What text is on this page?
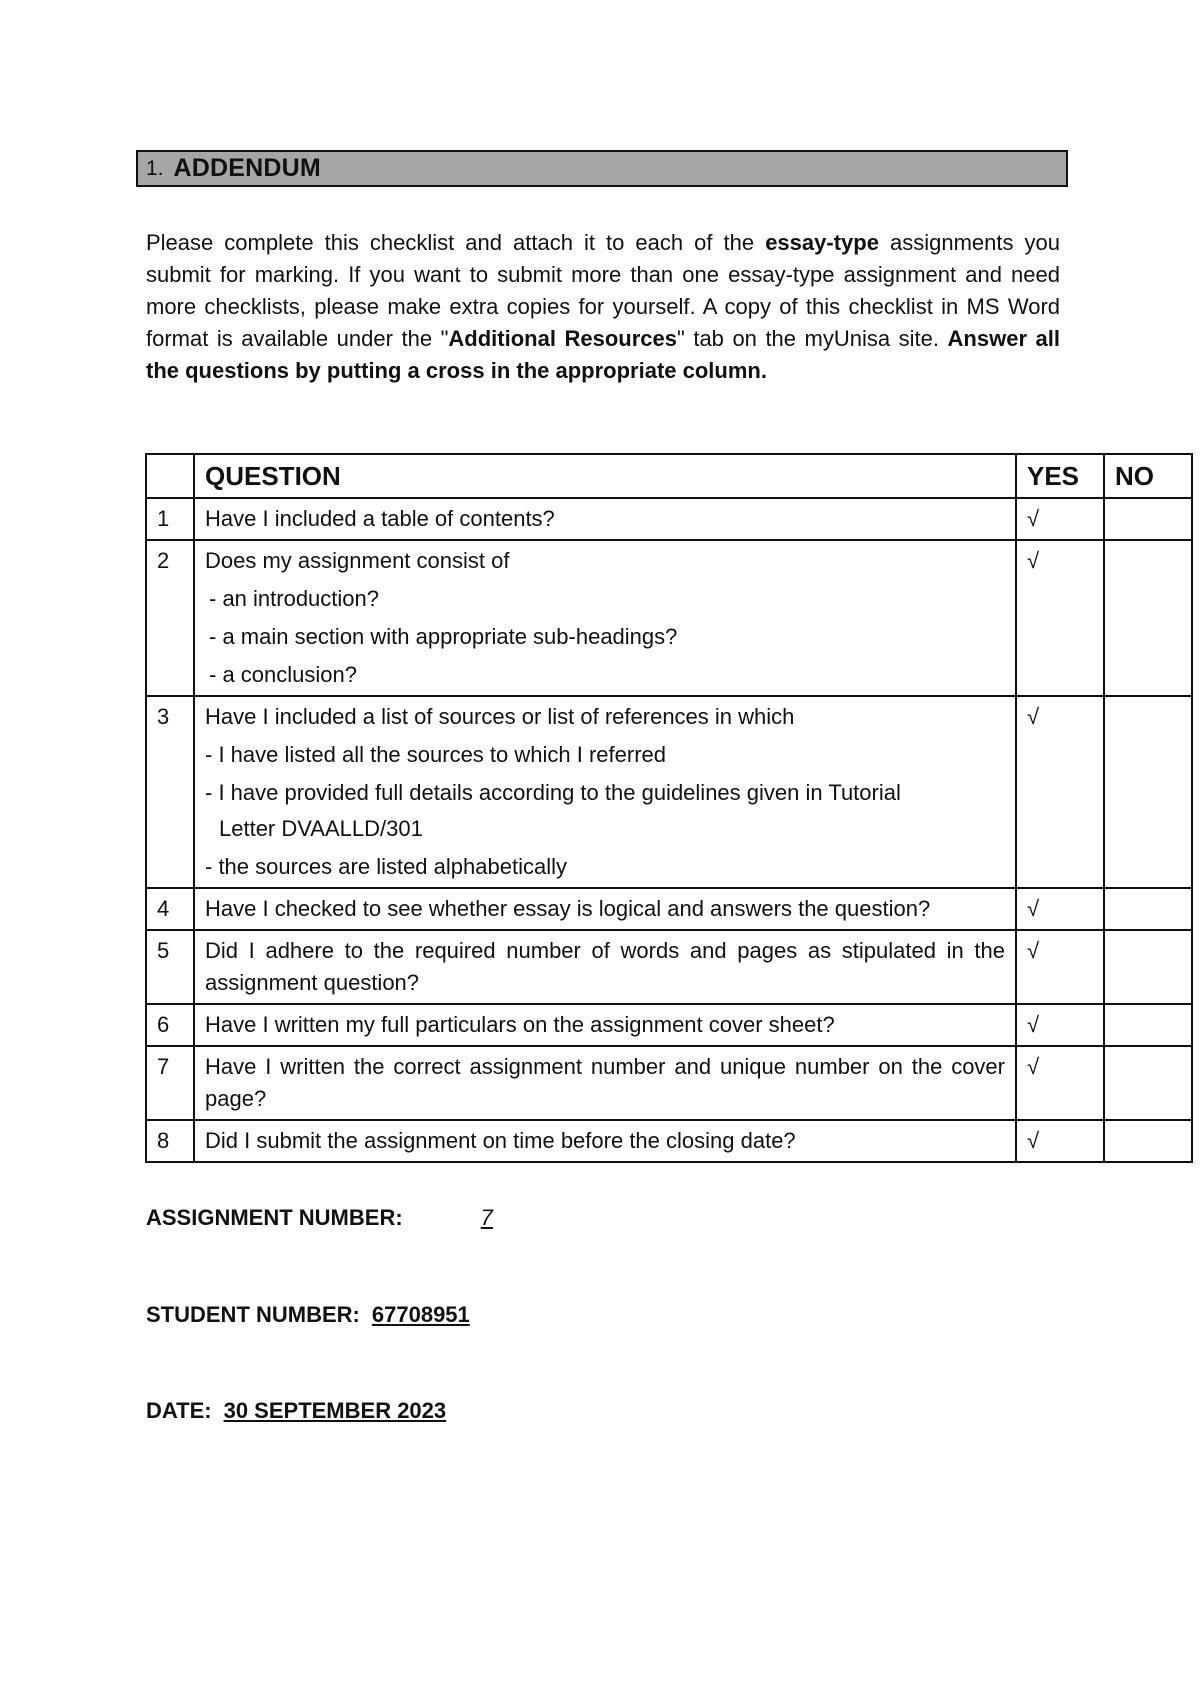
1. ADDENDUM
Please complete this checklist and attach it to each of the essay-type assignments you submit for marking. If you want to submit more than one essay-type assignment and need more checklists, please make extra copies for yourself. A copy of this checklist in MS Word format is available under the "Additional Resources" tab on the myUnisa site. Answer all the questions by putting a cross in the appropriate column.
	QUESTION	YES	NO
1	Have I included a table of contents?	√	
2	Does my assignment consist of
- an introduction?
- a main section with appropriate sub-headings?
- a conclusion?	√	
3	Have I included a list of sources or list of references in which
- I have listed all the sources to which I referred
- I have provided full details according to the guidelines given in Tutorial
Letter DVAALLD/301
- the sources are listed alphabetically	√	
4	Have I checked to see whether essay is logical and answers the question?	√	
5	Did I adhere to the required number of words and pages as stipulated in the assignment question?	√	
6	Have I written my full particulars on the assignment cover sheet?	√	
7	Have I written the correct assignment number and unique number on the cover page?	√	
8	Did I submit the assignment on time before the closing date?	√	
ASSIGNMENT NUMBER:	7
STUDENT NUMBER: 67708951
DATE: 30 SEPTEMBER 2023
